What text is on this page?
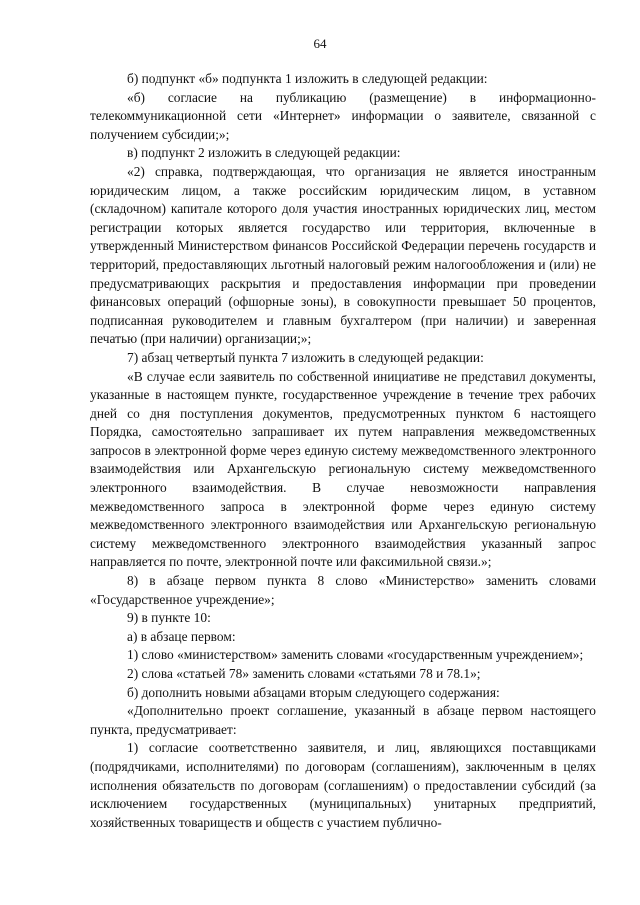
64

б) подпункт «б» подпункта 1 изложить в следующей редакции:

«б) согласие на публикацию (размещение) в информационно-телекоммуникационной сети «Интернет» информации о заявителе, связанной с получением субсидии;»;

в) подпункт 2 изложить в следующей редакции:

«2) справка, подтверждающая, что организация не является иностранным юридическим лицом, а также российским юридическим лицом, в уставном (складочном) капитале которого доля участия иностранных юридических лиц, местом регистрации которых является государство или территория, включенные в утвержденный Министерством финансов Российской Федерации перечень государств и территорий, предоставляющих льготный налоговый режим налогообложения и (или) не предусматривающих раскрытия и предоставления информации при проведении финансовых операций (офшорные зоны), в совокупности превышает 50 процентов, подписанная руководителем и главным бухгалтером (при наличии) и заверенная печатью (при наличии) организации;»;

7) абзац четвертый пункта 7 изложить в следующей редакции:

«В случае если заявитель по собственной инициативе не представил документы, указанные в настоящем пункте, государственное учреждение в течение трех рабочих дней со дня поступления документов, предусмотренных пунктом 6 настоящего Порядка, самостоятельно запрашивает их путем направления межведомственных запросов в электронной форме через единую систему межведомственного электронного взаимодействия или Архангельскую региональную систему межведомственного электронного взаимодействия. В случае невозможности направления межведомственного запроса в электронной форме через единую систему межведомственного электронного взаимодействия или Архангельскую региональную систему межведомственного электронного взаимодействия указанный запрос направляется по почте, электронной почте или факсимильной связи.»;

8) в абзаце первом пункта 8 слово «Министерство» заменить словами «Государственное учреждение»;

9) в пункте 10:

а) в абзаце первом:

1) слово «министерством» заменить словами «государственным учреждением»;

2) слова «статьей 78» заменить словами «статьями 78 и 78.1»;

б) дополнить новыми абзацами вторым следующего содержания:

«Дополнительно проект соглашение, указанный в абзаце первом настоящего пункта, предусматривает:

1) согласие соответственно заявителя, и лиц, являющихся поставщиками (подрядчиками, исполнителями) по договорам (соглашениям), заключенным в целях исполнения обязательств по договорам (соглашениям) о предоставлении субсидий (за исключением государственных (муниципальных) унитарных предприятий, хозяйственных товариществ и обществ с участием публично-
